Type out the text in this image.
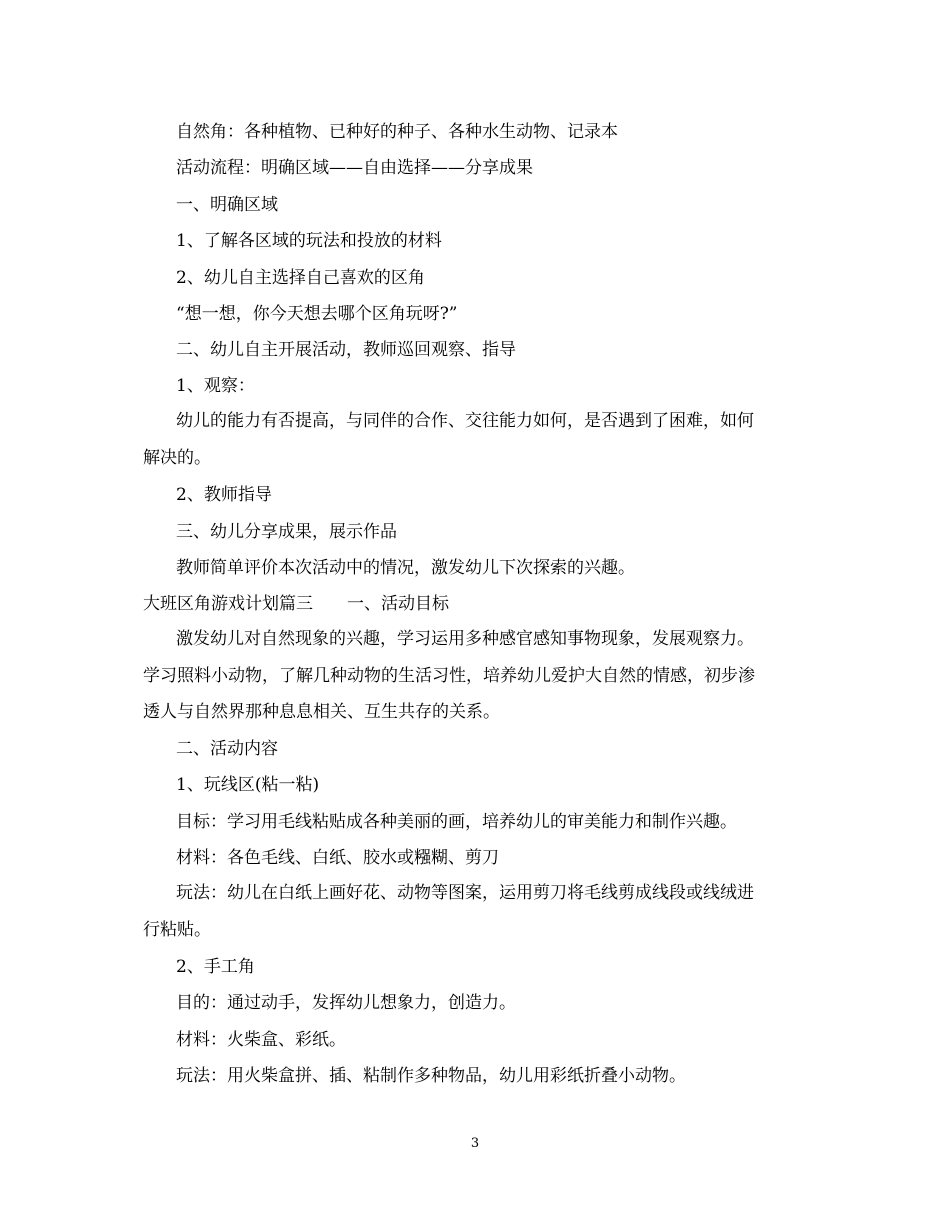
自然角：各种植物、已种好的种子、各种水生动物、记录本
活动流程：明确区域——自由选择——分享成果
一、明确区域
1、了解各区域的玩法和投放的材料
2、幼儿自主选择自己喜欢的区角
“想一想，你今天想去哪个区角玩呀?”
二、幼儿自主开展活动，教师巡回观察、指导
1、观察：
幼儿的能力有否提高，与同伴的合作、交往能力如何，是否遇到了困难，如何
解决的。
2、教师指导
三、幼儿分享成果，展示作品
教师简单评价本次活动中的情况，激发幼儿下次探索的兴趣。
大班区角游戏计划篇三　　一、活动目标
激发幼儿对自然现象的兴趣，学习运用多种感官感知事物现象，发展观察力。
学习照料小动物，了解几种动物的生活习性，培养幼儿爱护大自然的情感，初步渗
透人与自然界那种息息相关、互生共存的关系。
二、活动内容
1、玩线区(粘一粘)
目标：学习用毛线粘贴成各种美丽的画，培养幼儿的审美能力和制作兴趣。
材料：各色毛线、白纸、胶水或糨糊、剪刀
玩法：幼儿在白纸上画好花、动物等图案，运用剪刀将毛线剪成线段或线绒进
行粘贴。
2、手工角
目的：通过动手，发挥幼儿想象力，创造力。
材料：火柴盒、彩纸。
玩法：用火柴盒拼、插、粘制作多种物品，幼儿用彩纸折叠小动物。
3
